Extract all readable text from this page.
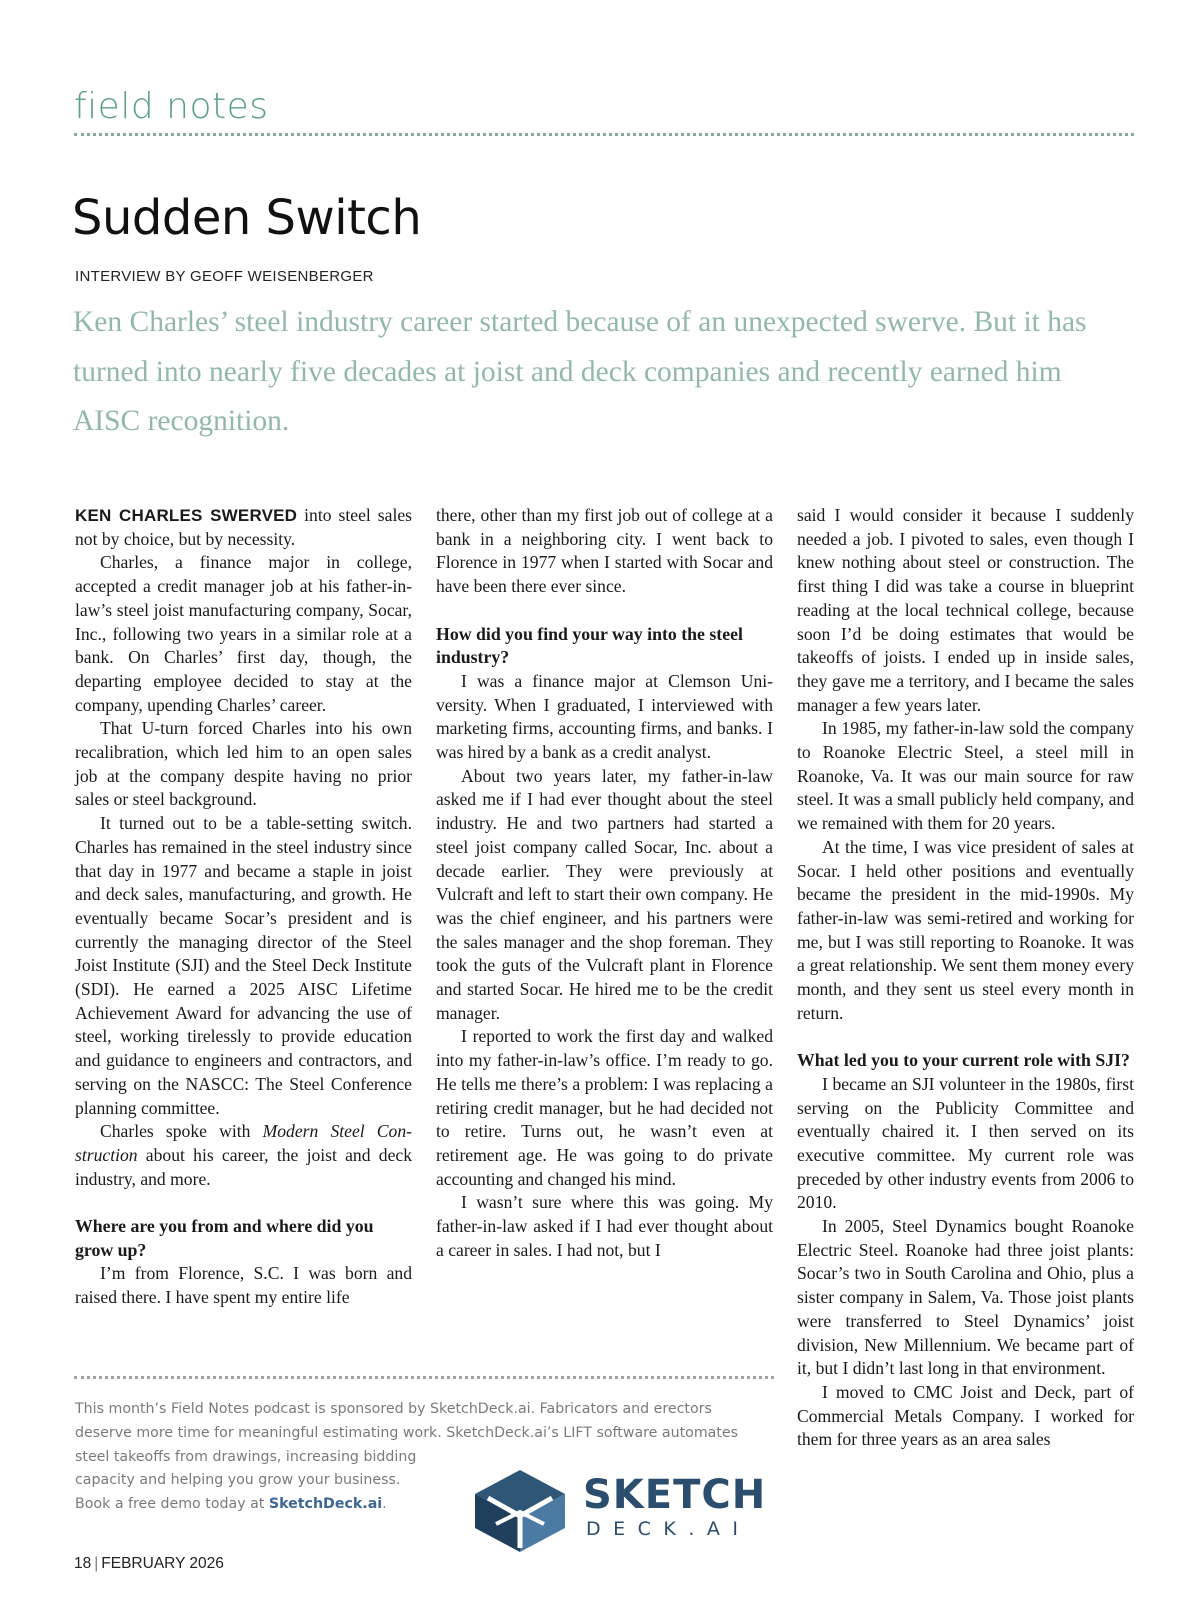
field notes
Sudden Switch
INTERVIEW BY GEOFF WEISENBERGER
Ken Charles’ steel industry career started because of an unexpected swerve. But it has turned into nearly five decades at joist and deck companies and recently earned him AISC recognition.

KEN CHARLES SWERVED into steel sales not by choice, but by necessity.

Charles, a finance major in college, accepted a credit manager job at his father-in-law’s steel joist manufacturing company, Socar, Inc., following two years in a similar role at a bank. On Charles’ first day, though, the departing employee decided to stay at the company, upending Charles’ career.

That U-turn forced Charles into his own recalibration, which led him to an open sales job at the company despite having no prior sales or steel background.

It turned out to be a table-setting switch. Charles has remained in the steel industry since that day in 1977 and became a staple in joist and deck sales, manufacturing, and growth. He eventually became Socar’s president and is currently the managing director of the Steel Joist Institute (SJI) and the Steel Deck Institute (SDI). He earned a 2025 AISC Lifetime Achievement Award for advancing the use of steel, working tirelessly to provide education and guidance to engineers and contractors, and serving on the NASCC: The Steel Conference planning committee.

Charles spoke with Modern Steel Construction about his career, the joist and deck industry, and more.

Where are you from and where did you grow up?

I’m from Florence, S.C. I was born and raised there. I have spent my entire life

there, other than my first job out of college at a bank in a neighboring city. I went back to Florence in 1977 when I started with Socar and have been there ever since.

How did you find your way into the steel industry?

I was a finance major at Clemson University. When I graduated, I interviewed with marketing firms, accounting firms, and banks. I was hired by a bank as a credit analyst.

About two years later, my father-in-law asked me if I had ever thought about the steel industry. He and two partners had started a steel joist company called Socar, Inc. about a decade earlier. They were previously at Vulcraft and left to start their own company. He was the chief engineer, and his partners were the sales manager and the shop foreman. They took the guts of the Vulcraft plant in Florence and started Socar. He hired me to be the credit manager.

I reported to work the first day and walked into my father-in-law’s office. I’m ready to go. He tells me there’s a problem: I was replacing a retiring credit manager, but he had decided not to retire. Turns out, he wasn’t even at retirement age. He was going to do private accounting and changed his mind.

I wasn’t sure where this was going. My father-in-law asked if I had ever thought about a career in sales. I had not, but I

said I would consider it because I suddenly needed a job. I pivoted to sales, even though I knew nothing about steel or construction. The first thing I did was take a course in blueprint reading at the local technical college, because soon I’d be doing estimates that would be takeoffs of joists. I ended up in inside sales, they gave me a territory, and I became the sales manager a few years later.

In 1985, my father-in-law sold the company to Roanoke Electric Steel, a steel mill in Roanoke, Va. It was our main source for raw steel. It was a small publicly held company, and we remained with them for 20 years.

At the time, I was vice president of sales at Socar. I held other positions and eventually became the president in the mid-1990s. My father-in-law was semi-retired and working for me, but I was still reporting to Roanoke. It was a great relationship. We sent them money every month, and they sent us steel every month in return.

What led you to your current role with SJI?

I became an SJI volunteer in the 1980s, first serving on the Publicity Committee and eventually chaired it. I then served on its executive committee. My current role was preceded by other industry events from 2006 to 2010.

In 2005, Steel Dynamics bought Roanoke Electric Steel. Roanoke had three joist plants: Socar’s two in South Carolina and Ohio, plus a sister company in Salem, Va. Those joist plants were transferred to Steel Dynamics’ joist division, New Millennium. We became part of it, but I didn’t last long in that environment.

I moved to CMC Joist and Deck, part of Commercial Metals Company. I worked for them for three years as an area sales

This month’s Field Notes podcast is sponsored by SketchDeck.ai. Fabricators and erectors
deserve more time for meaningful estimating work. SketchDeck.ai’s LIFT software automates
steel takeoffs from drawings, increasing bidding
capacity and helping you grow your business.
Book a free demo today at SketchDeck.ai.	SKETCH
DECK.AI
18 | FEBRUARY 2026
